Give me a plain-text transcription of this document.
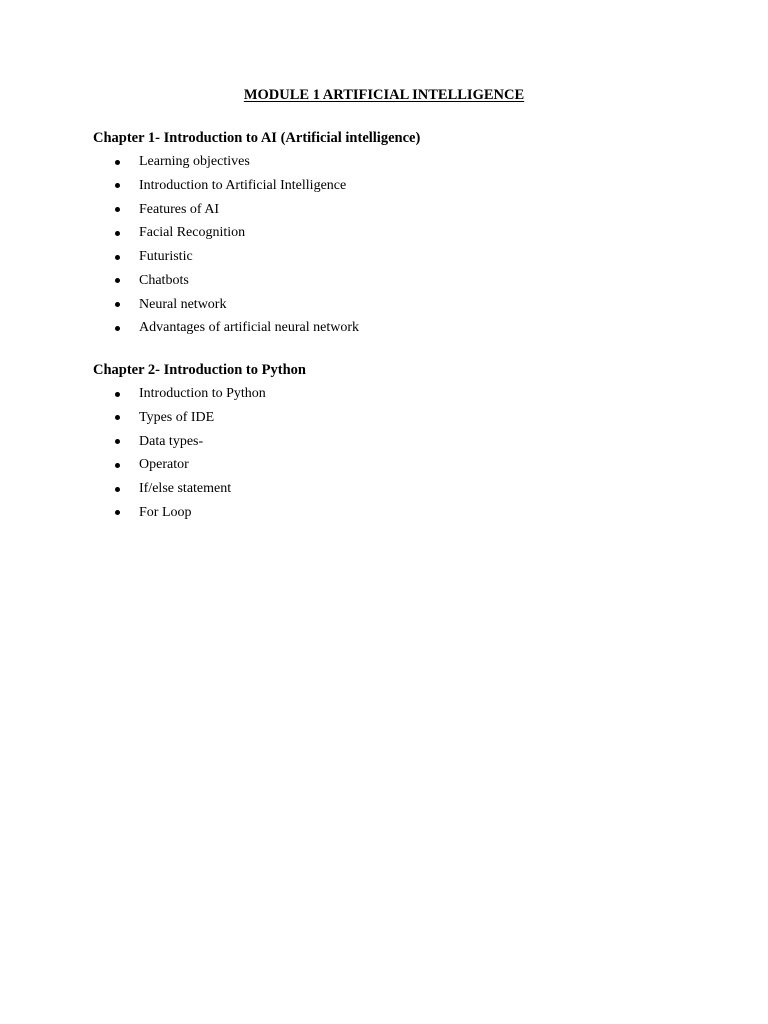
MODULE 1 ARTIFICIAL INTELLIGENCE
Chapter 1- Introduction to AI (Artificial intelligence)
Learning objectives
Introduction to Artificial Intelligence
Features of AI
Facial Recognition
Futuristic
Chatbots
Neural network
Advantages of artificial neural network
Chapter 2- Introduction to Python
Introduction to Python
Types of IDE
Data types-
Operator
If/else statement
For Loop
